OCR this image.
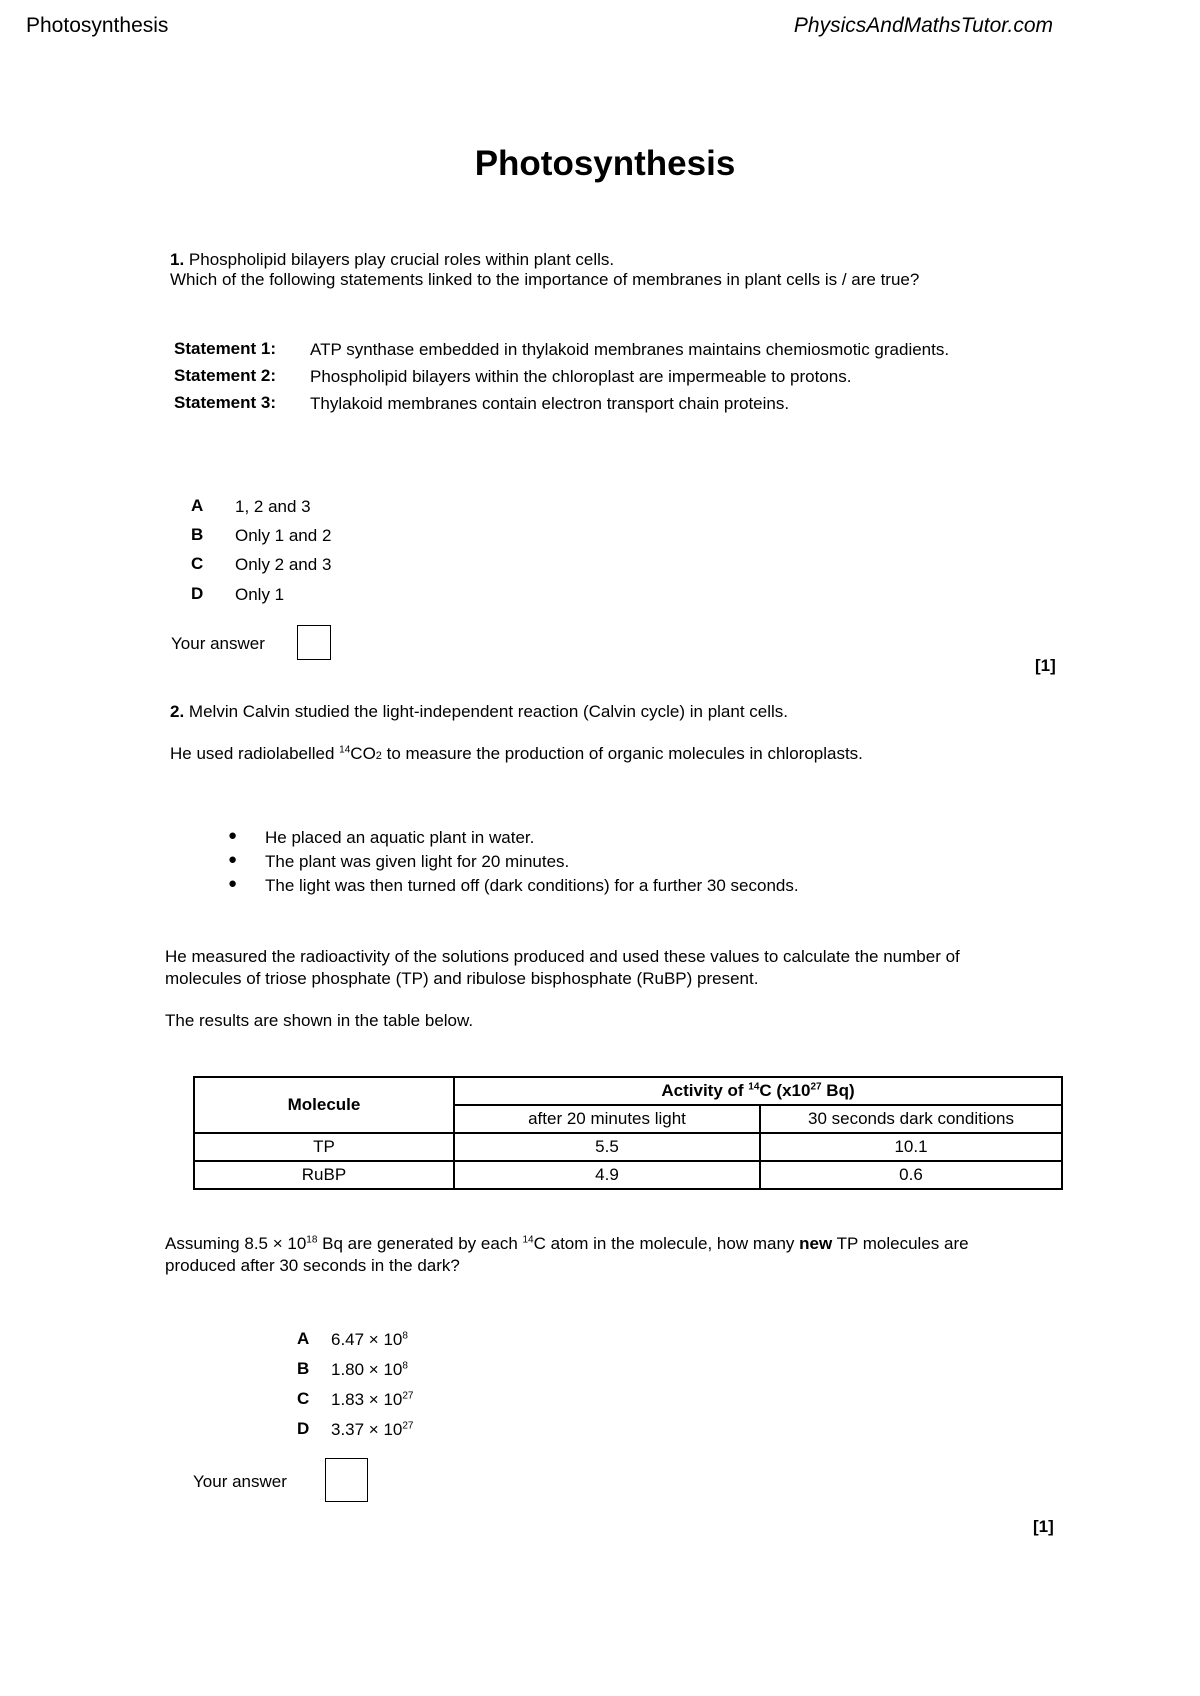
Photosynthesis	PhysicsAndMathsTutor.com
Photosynthesis
1. Phospholipid bilayers play crucial roles within plant cells.
Which of the following statements linked to the importance of membranes in plant cells is / are true?
Statement 1: ATP synthase embedded in thylakoid membranes maintains chemiosmotic gradients.
Statement 2: Phospholipid bilayers within the chloroplast are impermeable to protons.
Statement 3: Thylakoid membranes contain electron transport chain proteins.
A 1, 2 and 3
B Only 1 and 2
C Only 2 and 3
D Only 1
Your answer
[1]
2. Melvin Calvin studied the light-independent reaction (Calvin cycle) in plant cells.
He used radiolabelled $^{14}$CO2 to measure the production of organic molecules in chloroplasts.
● He placed an aquatic plant in water.
● The plant was given light for 20 minutes.
● The light was then turned off (dark conditions) for a further 30 seconds.
He measured the radioactivity of the solutions produced and used these values to calculate the number of
molecules of triose phosphate (TP) and ribulose bisphosphate (RuBP) present.
The results are shown in the table below.
Molecule	Activity of $^{14}$C ($x10^{27}$ Bq)	
	after 20 minutes light	30 seconds dark conditions
TP	5.5	10.1
RuBP	4.9	0.6
Assuming $8.5 \times 10^{18}$ Bq are generated by each $^{14}$C atom in the molecule, how many new TP molecules are
produced after 30 seconds in the dark?
A $6.47 \times 10^8$
B $1.80 \times 10^8$
C $1.83 \times 10^{27}$
D $3.37 \times 10^{27}$
Your answer
[1]
